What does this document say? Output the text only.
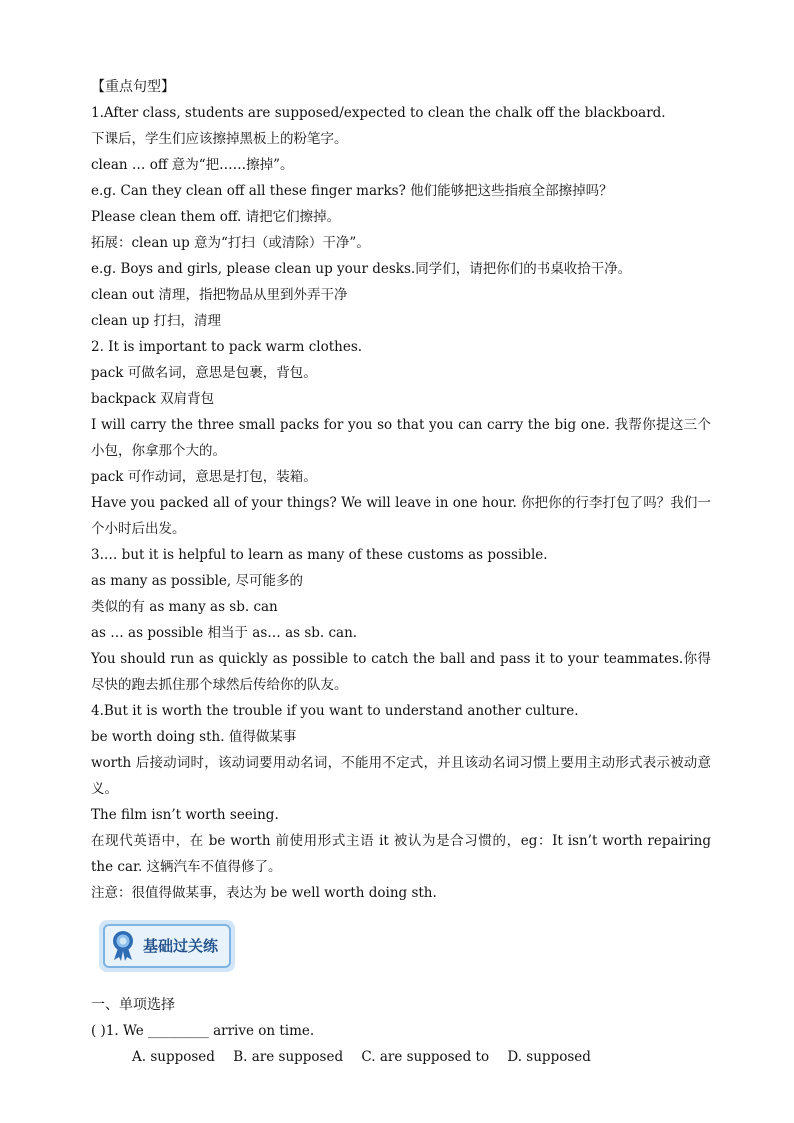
【重点句型】
1.After class, students are supposed/expected to clean the chalk off the blackboard.
下课后，学生们应该擦掉黑板上的粉笔字。
clean … off 意为“把……擦掉”。
e.g. Can they clean off all these finger marks? 他们能够把这些指痕全部擦掉吗？
Please clean them off. 请把它们擦掉。
拓展：clean up 意为“打扫（或清除）干净”。
e.g. Boys and girls, please clean up your desks.同学们，请把你们的书桌收拾干净。
clean out 清理，指把物品从里到外弄干净
clean up 打扫，清理
2. It is important to pack warm clothes.
pack 可做名词，意思是包裹，背包。
backpack 双肩背包
I will carry the three small packs for you so that you can carry the big one. 我帮你提这三个小包，你拿那个大的。
pack 可作动词，意思是打包，装箱。
Have you packed all of your things? We will leave in one hour. 你把你的行李打包了吗？我们一个小时后出发。
3.… but it is helpful to learn as many of these customs as possible.
as many as possible, 尽可能多的
类似的有 as many as sb. can
as … as possible 相当于 as… as sb. can.
You should run as quickly as possible to catch the ball and pass it to your teammates.你得尽快的跑去抓住那个球然后传给你的队友。
4.But it is worth the trouble if you want to understand another culture.
be worth doing sth. 值得做某事
worth 后接动词时，该动词要用动名词，不能用不定式，并且该动名词习惯上要用主动形式表示被动意义。
The film isn’t worth seeing.
在现代英语中，在 be worth 前使用形式主语 it 被认为是合习惯的，eg：It isn’t worth repairing the car. 这辆汽车不值得修了。
注意：很值得做某事，表达为 be well worth doing sth.
基础过关练
一、单项选择
( )1. We _________ arrive on time.
A. supposed B. are supposed C. are supposed to D. supposed
